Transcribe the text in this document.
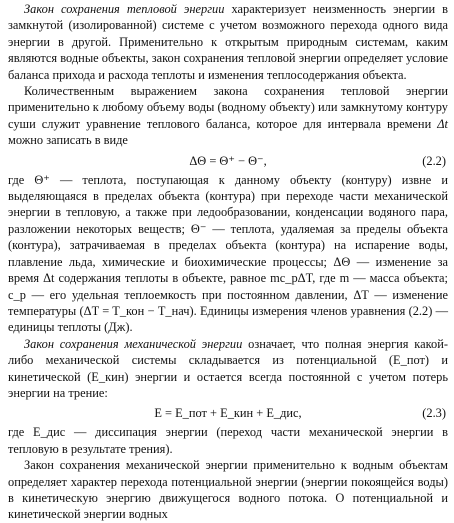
Закон сохранения тепловой энергии характеризует неизменность энергии в замкнутой (изолированной) системе с учетом возможного перехода одного вида энергии в другой. Применительно к открытым природным системам, каким являются водные объекты, закон сохранения тепловой энергии определяет условие баланса прихода и расхода теплоты и изменения теплосодержания объекта.

Количественным выражением закона сохранения тепловой энергии применительно к любому объему воды (водному объекту) или замкнутому контуру суши служит уравнение теплового баланса, которое для интервала времени Δt можно записать в виде

ΔΘ = Θ⁺ − Θ⁻,	(2.2)

где Θ⁺ — теплота, поступающая к данному объекту (контуру) извне и выделяющаяся в пределах объекта (контура) при переходе части механической энергии в тепловую, а также при ледообразовании, конденсации водяного пара, разложении некоторых веществ; Θ⁻ — теплота, удаляемая за пределы объекта (контура), затрачиваемая в пределах объекта (контура) на испарение воды, плавление льда, химические и биохимические процессы; ΔΘ — изменение за время Δt содержания теплоты в объекте, равное mc_pΔT, где m — масса объекта; c_p — его удельная теплоемкость при постоянном давлении, ΔT — изменение температуры (ΔT = T_кон − T_нач). Единицы измерения членов уравнения (2.2) — единицы теплоты (Дж).

Закон сохранения механической энергии означает, что полная энергия какой-либо механической системы складывается из потенциальной (E_пот) и кинетической (E_кин) энергии и остается всегда постоянной с учетом потерь энергии на трение:

E = E_пот + E_кин + E_дис,	(2.3)

где E_дис — диссипация энергии (переход части механической энергии в тепловую в результате трения).

Закон сохранения механической энергии применительно к водным объектам определяет характер перехода потенциальной энергии (энергии покоящейся воды) в кинетическую энергию движущегося водного потока. О потенциальной и кинетической энергии водных
